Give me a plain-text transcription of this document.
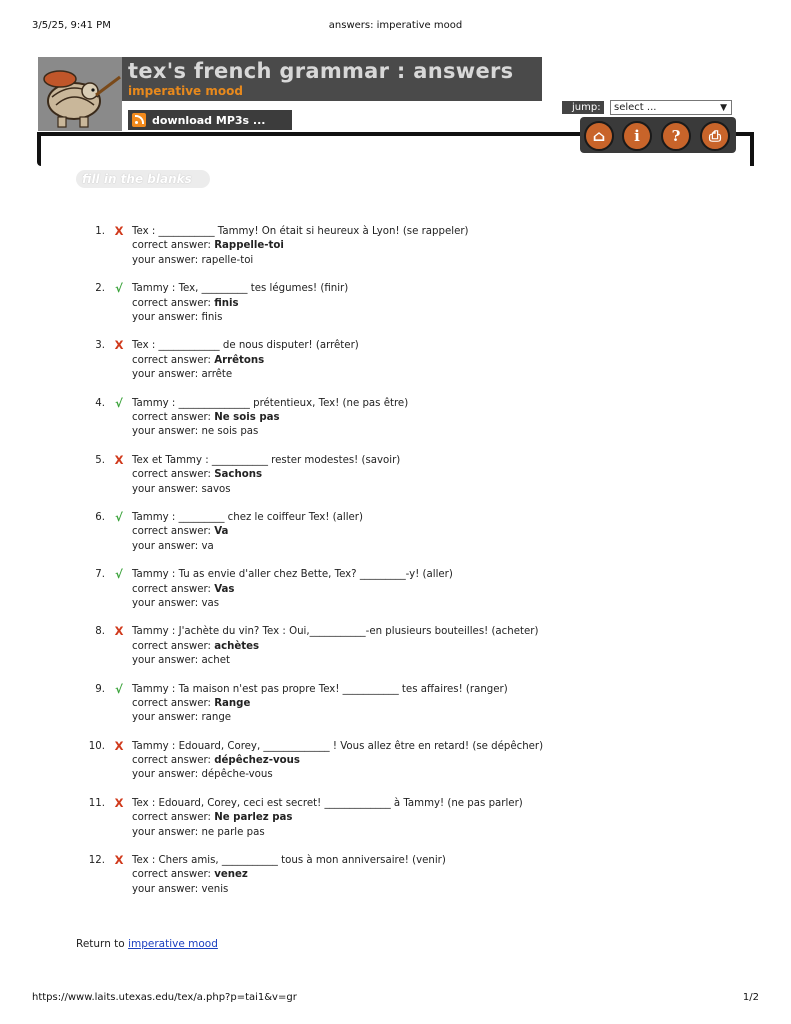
3/5/25, 9:41 PM	answers: imperative mood
tex's french grammar : answers
imperative mood
download MP3s ...
jump:	select ...	▼
⌂	i	?	⎙
fill in the blanks
1. X Tex : ___________ Tammy! On était si heureux à Lyon! (se rappeler)
correct answer: Rappelle-toi
your answer: rapelle-toi
2. √ Tammy : Tex, _________ tes légumes! (finir)
correct answer: finis
your answer: finis
3. X Tex : ____________ de nous disputer! (arrêter)
correct answer: Arrêtons
your answer: arrête
4. √ Tammy : ______________ prétentieux, Tex! (ne pas être)
correct answer: Ne sois pas
your answer: ne sois pas
5. X Tex et Tammy : ___________ rester modestes! (savoir)
correct answer: Sachons
your answer: savos
6. √ Tammy : _________ chez le coiffeur Tex! (aller)
correct answer: Va
your answer: va
7. √ Tammy : Tu as envie d'aller chez Bette, Tex? _________-y! (aller)
correct answer: Vas
your answer: vas
8. X Tammy : J'achète du vin? Tex : Oui,___________-en plusieurs bouteilles! (acheter)
correct answer: achètes
your answer: achet
9. √ Tammy : Ta maison n'est pas propre Tex! ___________ tes affaires! (ranger)
correct answer: Range
your answer: range
10. X Tammy : Edouard, Corey, _____________ ! Vous allez être en retard! (se dépêcher)
correct answer: dépêchez-vous
your answer: dépêche-vous
11. X Tex : Edouard, Corey, ceci est secret! _____________ à Tammy! (ne pas parler)
correct answer: Ne parlez pas
your answer: ne parle pas
12. X Tex : Chers amis, ___________ tous à mon anniversaire! (venir)
correct answer: venez
your answer: venis
Return to imperative mood
https://www.laits.utexas.edu/tex/a.php?p=tai1&v=gr	1/2
